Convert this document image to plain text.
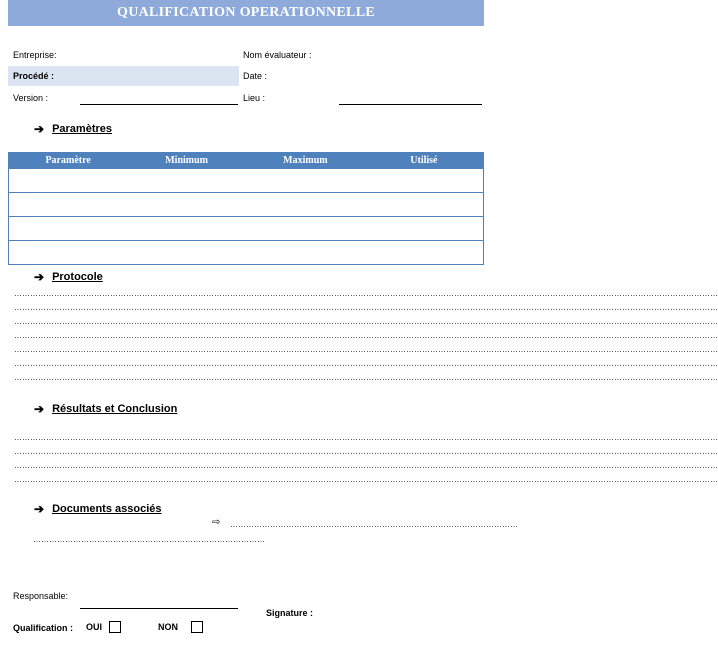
QUALIFICATION OPERATIONNELLE
Entreprise:	Nom évaluateur :
Procédé :	Date :
Version :	Lieu :
➔ Paramètres
Paramètre	Minimum	Maximum	Utilisé

➔ Protocole
…………………………………………………………………………………………………………………………………………………………………………………………………………………………………………
…………………………………………………………………………………………………………………………………………………………………………………………………………………………………………
…………………………………………………………………………………………………………………………………………………………………………………………………………………………………………
…………………………………………………………………………………………………………………………………………………………………………………………………………………………………………
…………………………………………………………………………………………………………………………………………………………………………………………………………………………………………
…………………………………………………………………………………………………………………………………………………………………………………………………………………………………………
…………………………………………………………………………………………………………………………………………………………………………………………………………………………………………
➔ Résultats et Conclusion
…………………………………………………………………………………………………………………………………………………………………………………………………………………………………………
…………………………………………………………………………………………………………………………………………………………………………………………………………………………………………
…………………………………………………………………………………………………………………………………………………………………………………………………………………………………………
…………………………………………………………………………………………………………………………………………………………………………………………………………………………………………
➔ Documents associés
⇨ ………………………………………………………………………………………………
……………………………………………………………………………
Responsable:
Signature :
Qualification : OUI	NON
